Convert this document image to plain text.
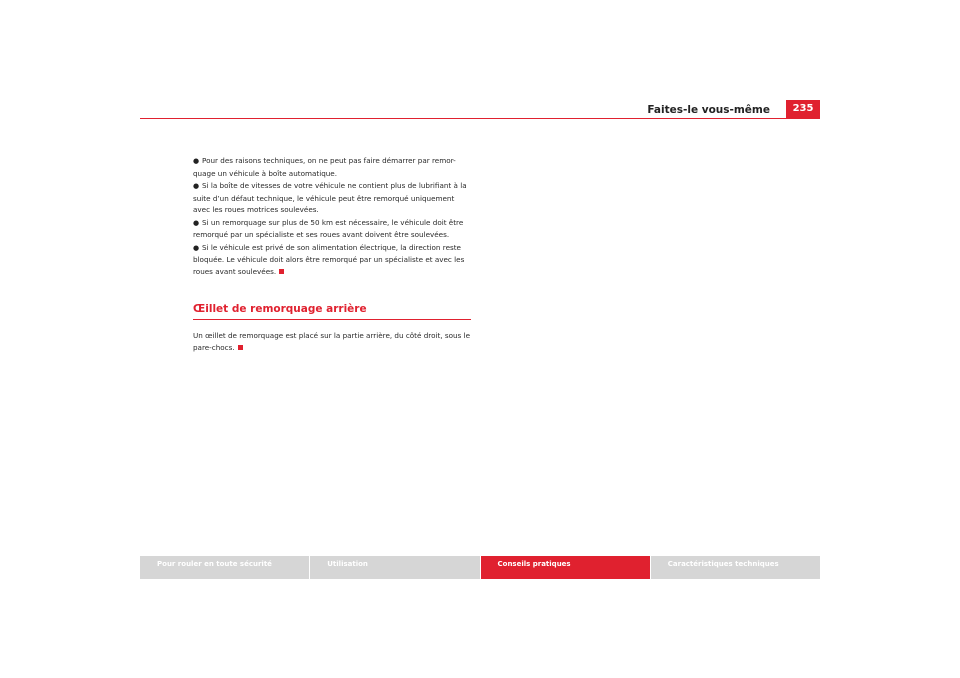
Faites-le vous-même	235
● Pour des raisons techniques, on ne peut pas faire démarrer par remor-quage un véhicule à boîte automatique.
● Si la boîte de vitesses de votre véhicule ne contient plus de lubrifiant à la suite d’un défaut technique, le véhicule peut être remorqué uniquement avec les roues motrices soulevées.
● Si un remorquage sur plus de 50 km est nécessaire, le véhicule doit être remorqué par un spécialiste et ses roues avant doivent être soulevées.
● Si le véhicule est privé de son alimentation électrique, la direction reste bloquée. Le véhicule doit alors être remorqué par un spécialiste et avec les roues avant soulevées.
Œillet de remorquage arrière
Un œillet de remorquage est placé sur la partie arrière, du côté droit, sous le pare-chocs.
Pour rouler en toute sécurité	Utilisation	Conseils pratiques	Caractéristiques techniques
